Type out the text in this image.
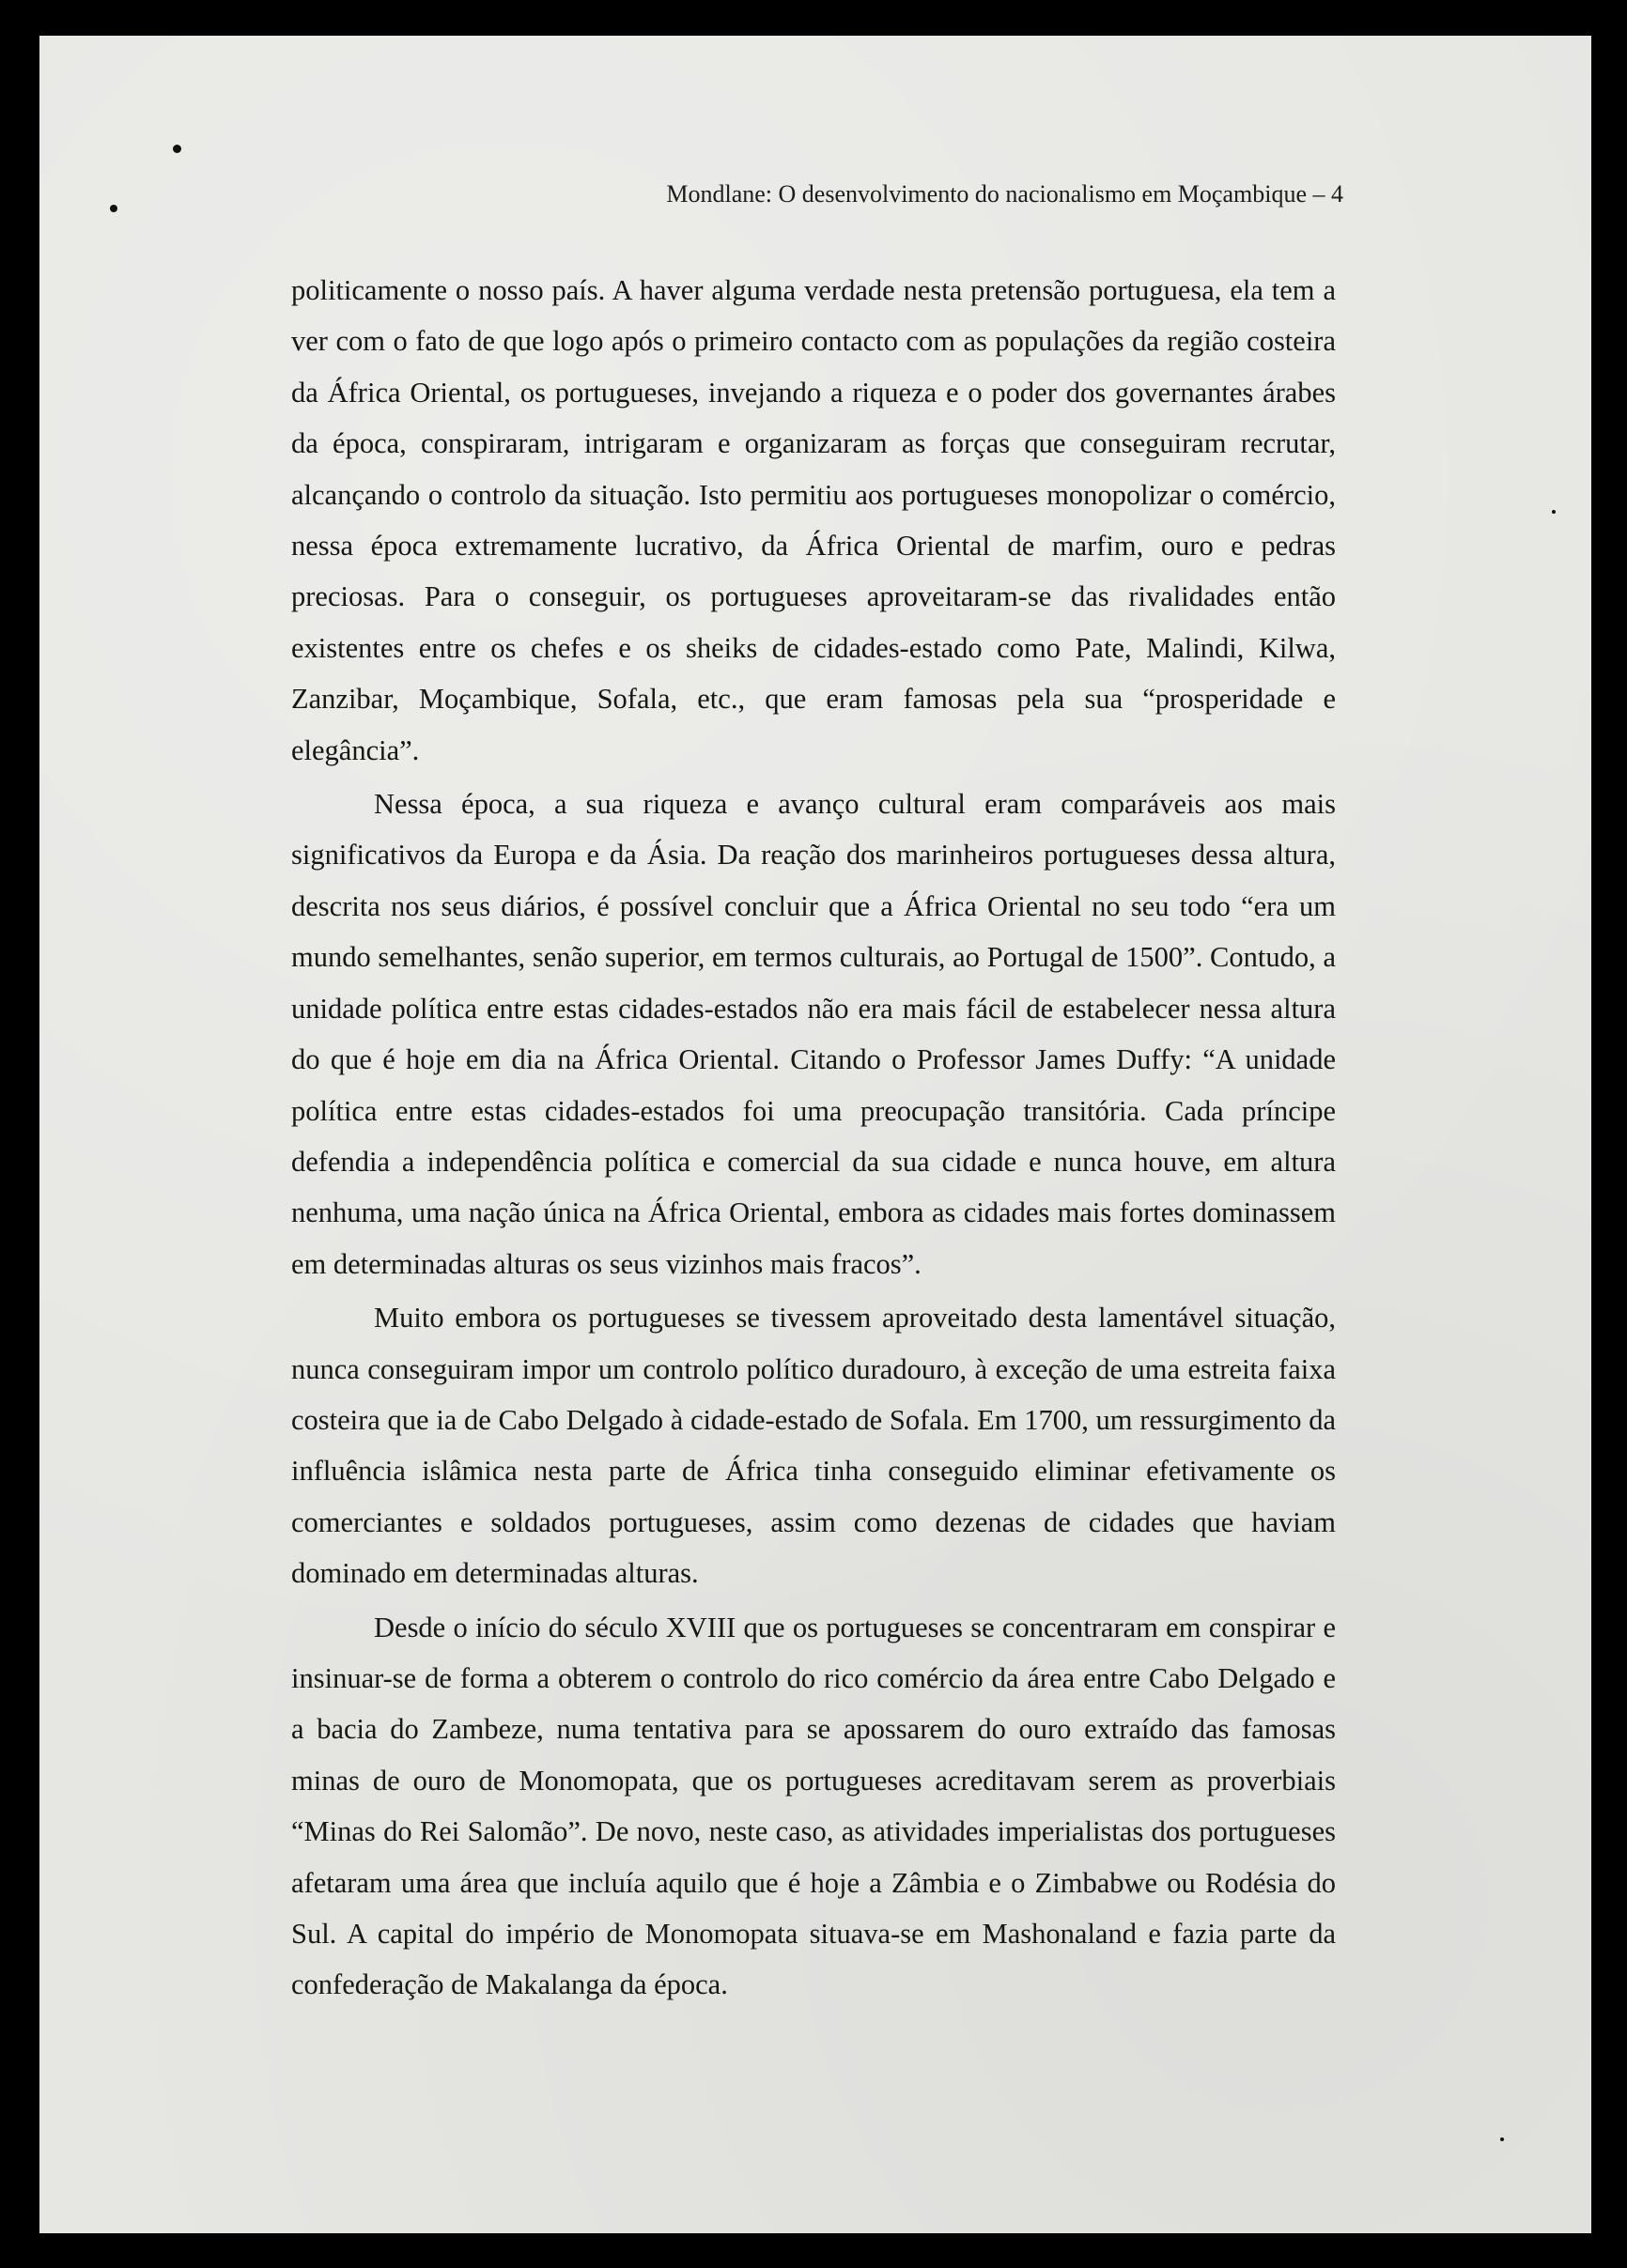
Mondlane: O desenvolvimento do nacionalismo em Moçambique – 4

politicamente o nosso país. A haver alguma verdade nesta pretensão portuguesa, ela tem a ver com o fato de que logo após o primeiro contacto com as populações da região costeira da África Oriental, os portugueses, invejando a riqueza e o poder dos governantes árabes da época, conspiraram, intrigaram e organizaram as forças que conseguiram recrutar, alcançando o controlo da situação. Isto permitiu aos portugueses monopolizar o comércio, nessa época extremamente lucrativo, da África Oriental de marfim, ouro e pedras preciosas. Para o conseguir, os portugueses aproveitaram-se das rivalidades então existentes entre os chefes e os sheiks de cidades-estado como Pate, Malindi, Kilwa, Zanzibar, Moçambique, Sofala, etc., que eram famosas pela sua “prosperidade e elegância”.

Nessa época, a sua riqueza e avanço cultural eram comparáveis aos mais significativos da Europa e da Ásia. Da reação dos marinheiros portugueses dessa altura, descrita nos seus diários, é possível concluir que a África Oriental no seu todo “era um mundo semelhantes, senão superior, em termos culturais, ao Portugal de 1500”. Contudo, a unidade política entre estas cidades-estados não era mais fácil de estabelecer nessa altura do que é hoje em dia na África Oriental. Citando o Professor James Duffy: “A unidade política entre estas cidades-estados foi uma preocupação transitória. Cada príncipe defendia a independência política e comercial da sua cidade e nunca houve, em altura nenhuma, uma nação única na África Oriental, embora as cidades mais fortes dominassem em determinadas alturas os seus vizinhos mais fracos”.

Muito embora os portugueses se tivessem aproveitado desta lamentável situação, nunca conseguiram impor um controlo político duradouro, à exceção de uma estreita faixa costeira que ia de Cabo Delgado à cidade-estado de Sofala. Em 1700, um ressurgimento da influência islâmica nesta parte de África tinha conseguido eliminar efetivamente os comerciantes e soldados portugueses, assim como dezenas de cidades que haviam dominado em determinadas alturas.

Desde o início do século XVIII que os portugueses se concentraram em conspirar e insinuar-se de forma a obterem o controlo do rico comércio da área entre Cabo Delgado e a bacia do Zambeze, numa tentativa para se apossarem do ouro extraído das famosas minas de ouro de Monomopata, que os portugueses acreditavam serem as proverbiais “Minas do Rei Salomão”. De novo, neste caso, as atividades imperialistas dos portugueses afetaram uma área que incluía aquilo que é hoje a Zâmbia e o Zimbabwe ou Rodésia do Sul. A capital do império de Monomopata situava-se em Mashonaland e fazia parte da confederação de Makalanga da época.
